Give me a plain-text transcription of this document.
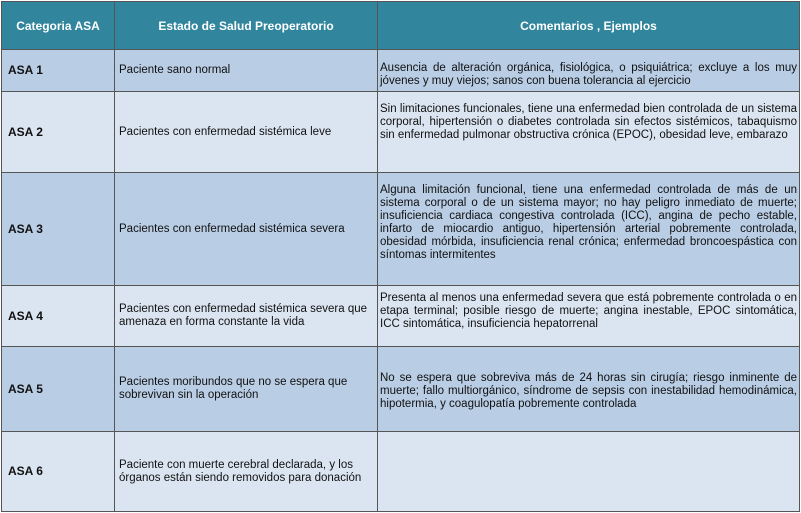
Categoria ASA	Estado de Salud Preoperatorio	Comentarios , Ejemplos
ASA 1	Paciente sano normal	Ausencia de alteración orgánica, fisiológica, o psiquiátrica; excluye a los muy jóvenes y muy viejos; sanos con buena tolerancia al ejercicio
ASA 2	Pacientes con enfermedad sistémica leve	Sin limitaciones funcionales, tiene una enfermedad bien controlada de un sistema corporal, hipertensión o diabetes controlada sin efectos sistémicos, tabaquismo sin enfermedad pulmonar obstructiva crónica (EPOC), obesidad leve, embarazo
ASA 3	Pacientes con enfermedad sistémica severa	Alguna limitación funcional, tiene una enfermedad controlada de más de un sistema corporal o de un sistema mayor; no hay peligro inmediato de muerte; insuficiencia cardiaca congestiva controlada (ICC), angina de pecho estable, infarto de miocardio antiguo, hipertensión arterial pobremente controlada, obesidad mórbida, insuficiencia renal crónica; enfermedad broncoespástica con síntomas intermitentes
ASA 4	Pacientes con enfermedad sistémica severa que amenaza en forma constante la vida	Presenta al menos una enfermedad severa que está pobremente controlada o en etapa terminal; posible riesgo de muerte; angina inestable, EPOC sintomática, ICC sintomática, insuficiencia hepatorrenal
ASA 5	Pacientes moribundos que no se espera que sobrevivan sin la operación	No se espera que sobreviva más de 24 horas sin cirugía; riesgo inminente de muerte; fallo multiorgánico, síndrome de sepsis con inestabilidad hemodinámica, hipotermia, y coagulopatía pobremente controlada
ASA 6	Paciente con muerte cerebral declarada, y los órganos están siendo removidos para donación	
